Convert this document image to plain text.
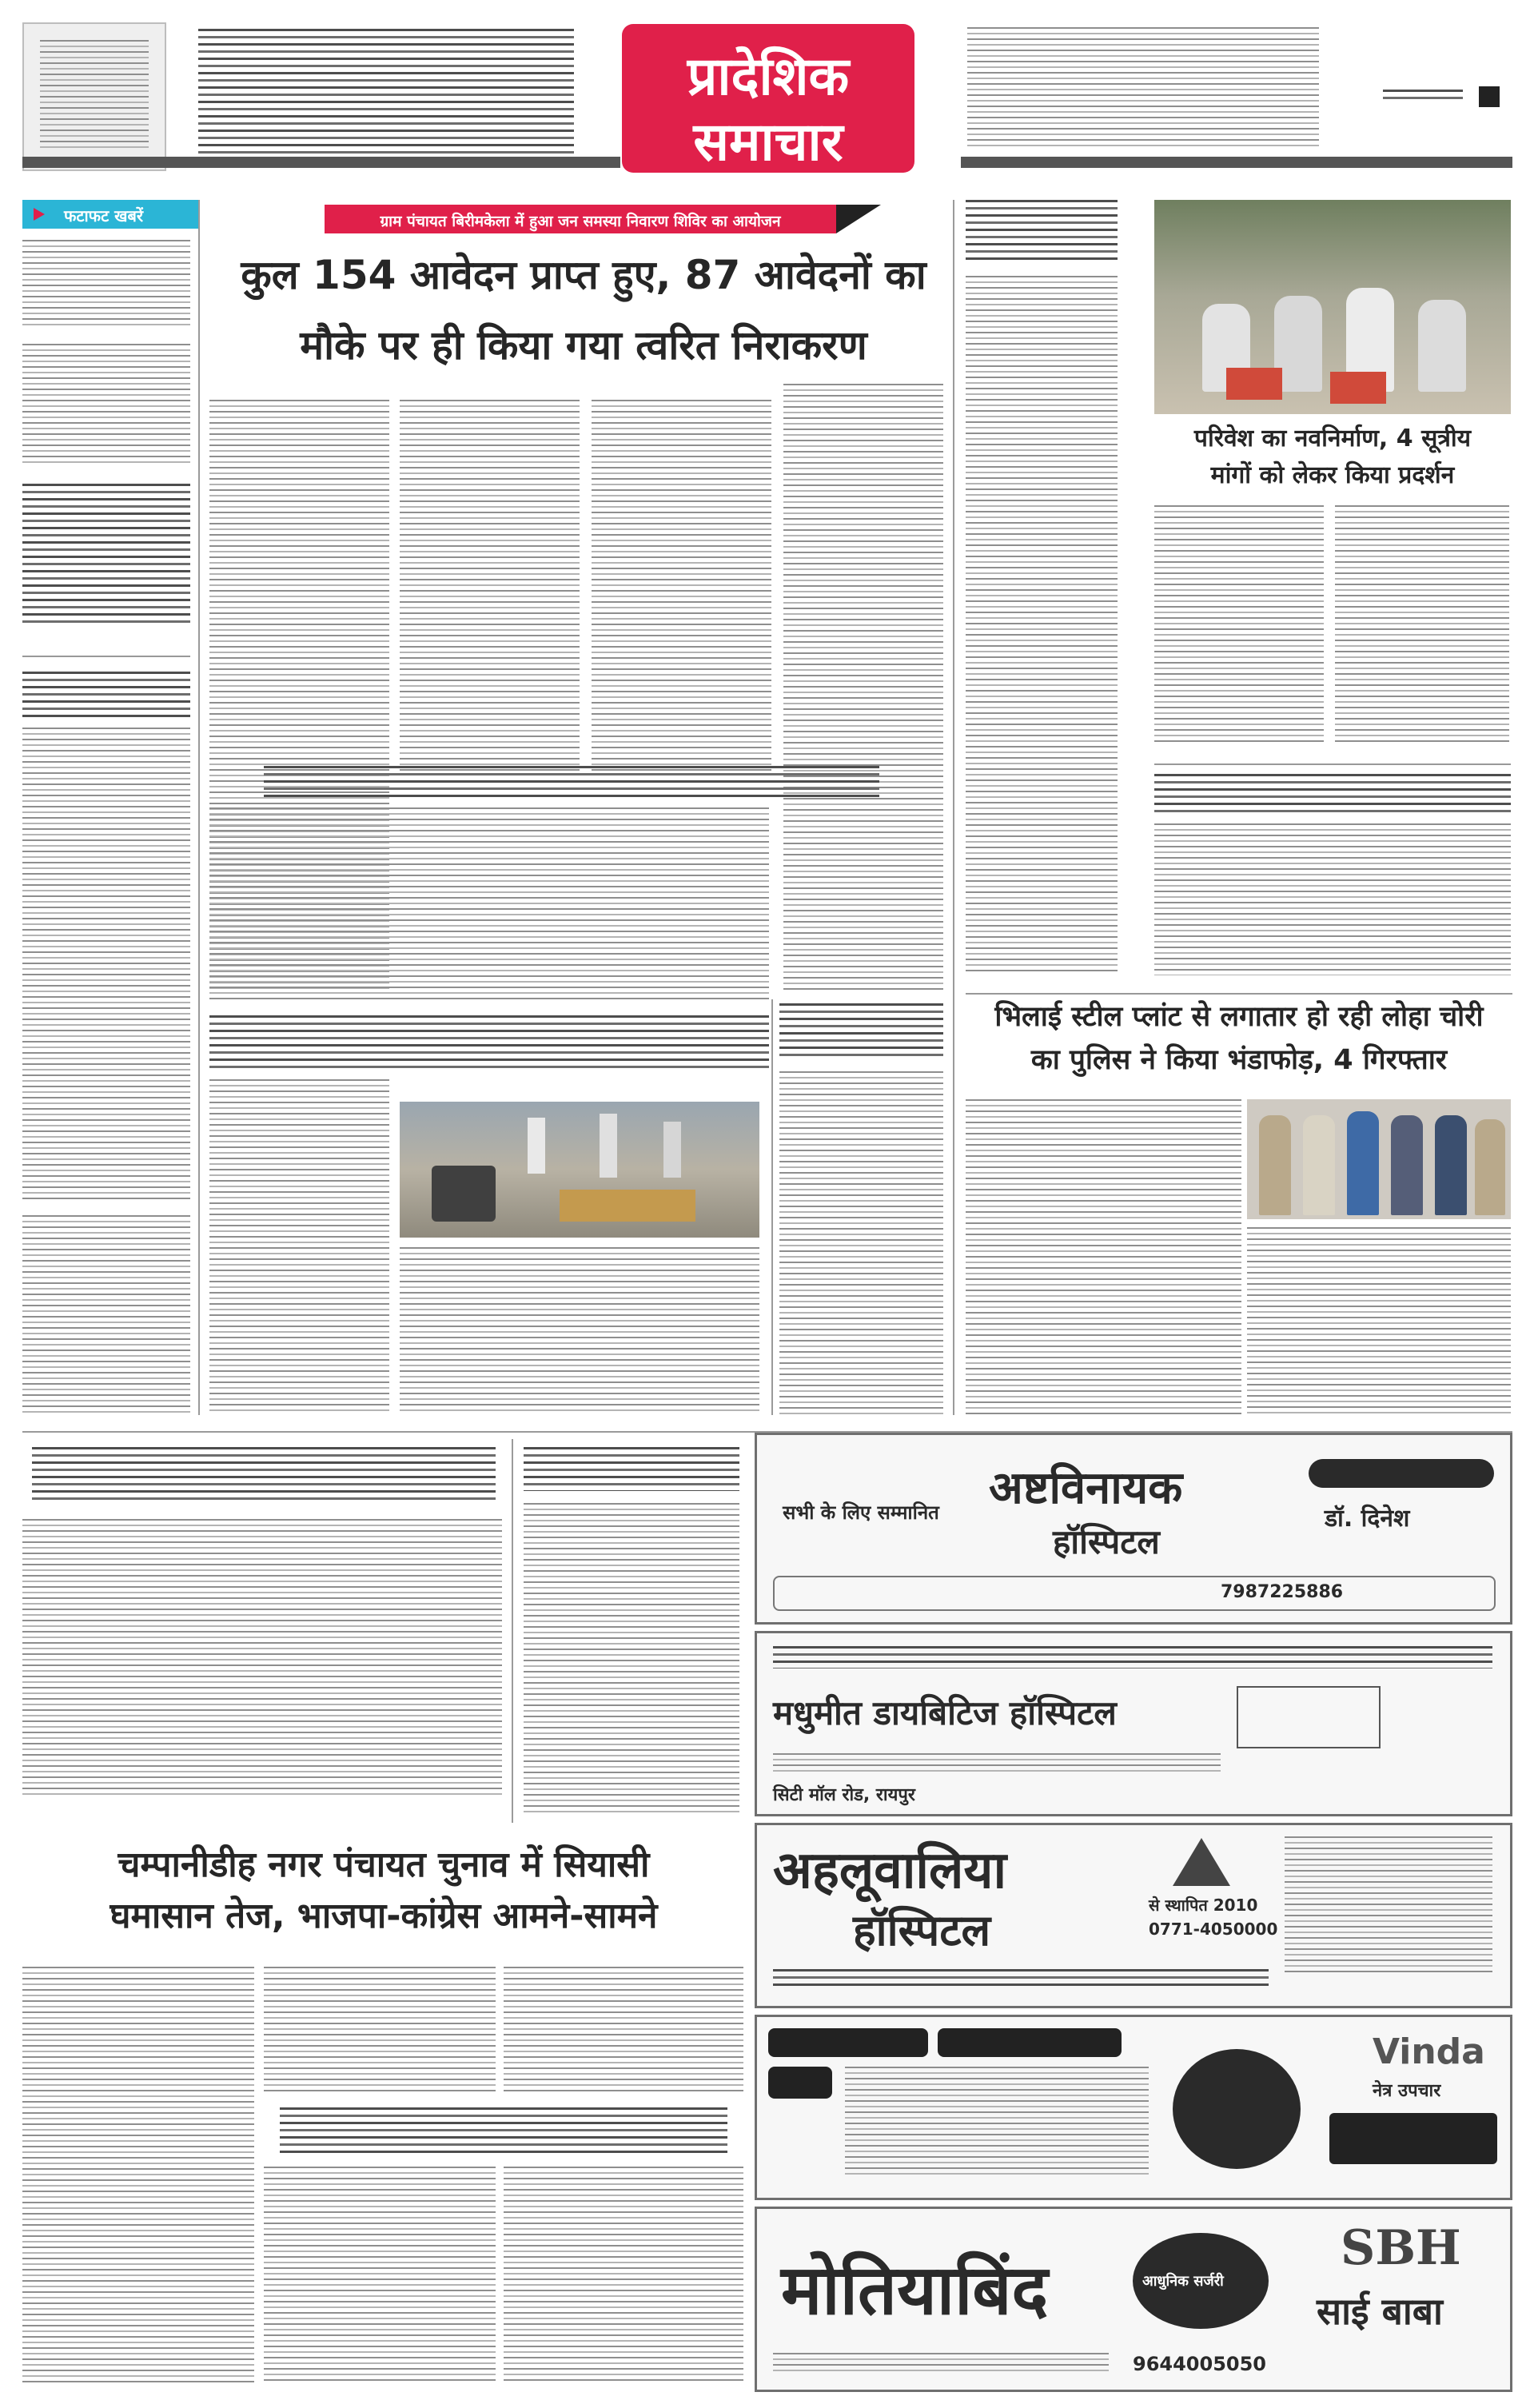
प्रादेशिक
समाचार
फटाफट खबरें	ग्राम पंचायत बिरीमकेला में हुआ जन समस्या निवारण शिविर का आयोजन
कुल 154 आवेदन प्राप्त हुए, 87 आवेदनों का
मौके पर ही किया गया त्वरित निराकरण
परिवेश का नवनिर्माण, 4 सूत्रीय
मांगों को लेकर किया प्रदर्शन
भिलाई स्टील प्लांट से लगातार हो रही लोहा चोरी
का पुलिस ने किया भंडाफोड़, 4 गिरफ्तार
चम्पानीडीह नगर पंचायत चुनाव में सियासी
घमासान तेज, भाजपा-कांग्रेस आमने-सामने
सभी के लिए सम्मानित अष्टविनायक
हॉस्पिटल
डॉ. दिनेश
7987225886
मधुमीत डायबिटिज हॉस्पिटल
सिटी मॉल रोड, रायपुर
अहलूवालिया
हॉस्पिटल	से स्थापित 2010
0771-4050000
Vinda
नेत्र उपचार
मोतियाबिंद	आधुनिक सर्जरी
SBH
साई बाबा
9644005050
